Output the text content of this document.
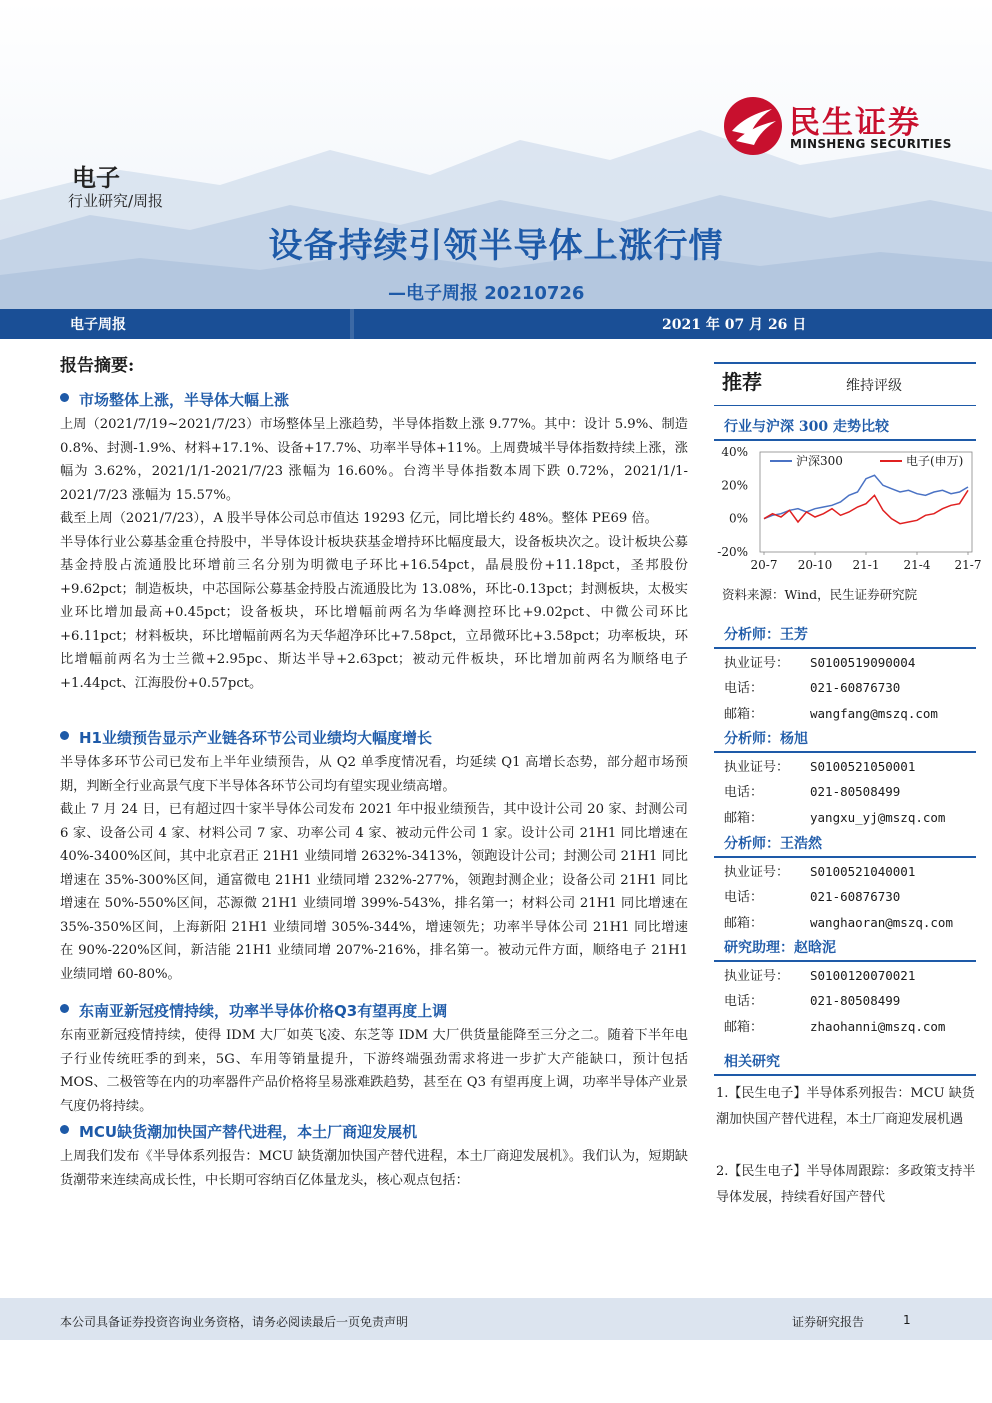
民生证券
MINSHENG SECURITIES
电子
行业研究/周报
设备持续引领半导体上涨行情
—电子周报 20210726
电子周报	2021 年 07 月 26 日
报告摘要:
市场整体上涨，半导体大幅上涨

上周（2021/7/19~2021/7/23）市场整体呈上涨趋势，半导体指数上涨 9.77%。其中：设计 5.9%、制造 0.8%、封测-1.9%、材料+17.1%、设备+17.7%、功率半导体+11%。上周费城半导体指数持续上涨，涨幅为 3.62%，2021/1/1-2021/7/23 涨幅为 16.60%。台湾半导体指数本周下跌 0.72%，2021/1/1-2021/7/23 涨幅为 15.57%。

截至上周（2021/7/23），A 股半导体公司总市值达 19293 亿元，同比增长约 48%。整体 PE69 倍。

半导体行业公募基金重仓持股中，半导体设计板块获基金增持环比幅度最大，设备板块次之。设计板块公募基金持股占流通股比环增前三名分别为明微电子环比+16.54pct，晶晨股份+11.18pct，圣邦股份+9.62pct；制造板块，中芯国际公募基金持股占流通股比为 13.08%，环比-0.13pct；封测板块，太极实业环比增加最高+0.45pct；设备板块，环比增幅前两名为华峰测控环比+9.02pct、中微公司环比+6.11pct；材料板块，环比增幅前两名为天华超净环比+7.58pct，立昂微环比+3.58pct；功率板块，环比增幅前两名为士兰微+2.95pc、斯达半导+2.63pct；被动元件板块，环比增加前两名为顺络电子+1.44pct、江海股份+0.57pct。

H1业绩预告显示产业链各环节公司业绩均大幅度增长

半导体多环节公司已发布上半年业绩预告，从 Q2 单季度情况看，均延续 Q1 高增长态势，部分超市场预期，判断全行业高景气度下半导体各环节公司均有望实现业绩高增。

截止 7 月 24 日，已有超过四十家半导体公司发布 2021 年中报业绩预告，其中设计公司 20 家、封测公司 6 家、设备公司 4 家、材料公司 7 家、功率公司 4 家、被动元件公司 1 家。设计公司 21H1 同比增速在 40%-3400%区间，其中北京君正 21H1 业绩同增 2632%-3413%，领跑设计公司；封测公司 21H1 同比增速在 35%-300%区间，通富微电 21H1 业绩同增 232%-277%，领跑封测企业；设备公司 21H1 同比增速在 50%-550%区间，芯源微 21H1 业绩同增 399%-543%，排名第一；材料公司 21H1 同比增速在 35%-350%区间，上海新阳 21H1 业绩同增 305%-344%，增速领先；功率半导体公司 21H1 同比增速在 90%-220%区间，新洁能 21H1 业绩同增 207%-216%，排名第一。被动元件方面，顺络电子 21H1 业绩同增 60-80%。

东南亚新冠疫情持续，功率半导体价格Q3有望再度上调

东南亚新冠疫情持续，使得 IDM 大厂如英飞凌、东芝等 IDM 大厂供货量能降至三分之二。随着下半年电子行业传统旺季的到来，5G、车用等销量提升，下游终端强劲需求将进一步扩大产能缺口，预计包括 MOS、二极管等在内的功率器件产品价格将呈易涨难跌趋势，甚至在 Q3 有望再度上调，功率半导体产业景气度仍将持续。

MCU缺货潮加快国产替代进程，本土厂商迎发展机

上周我们发布《半导体系列报告：MCU 缺货潮加快国产替代进程，本土厂商迎发展机》。我们认为，短期缺货潮带来连续高成长性，中长期可容纳百亿体量龙头，核心观点包括：

推荐	维持评级
行业与沪深 300 走势比较
40%
20%
0%
-20%
20-7 20-10 21-1 21-4 21-7
沪深300	电子(申万)
资料来源：Wind，民生证券研究院
分析师：王芳
执业证号： S0100519090004
电话：	021-60876730
邮箱：	wangfang@mszq.com
分析师：杨旭
执业证号： S0100521050001
电话：	021-80508499
邮箱：	yangxu_yj@mszq.com
分析师：王浩然
执业证号： S0100521040001
电话：	021-60876730
邮箱：	wanghaoran@mszq.com
研究助理：赵晗泥
执业证号： S0100120070021
电话：	021-80508499
邮箱：	zhaohanni@mszq.com
相关研究
1.【民生电子】半导体系列报告：MCU 缺货潮加快国产替代进程，本土厂商迎发展机遇
2.【民生电子】半导体周跟踪：多政策支持半导体发展，持续看好国产替代
本公司具备证券投资咨询业务资格，请务必阅读最后一页免责声明	证券研究报告	1
